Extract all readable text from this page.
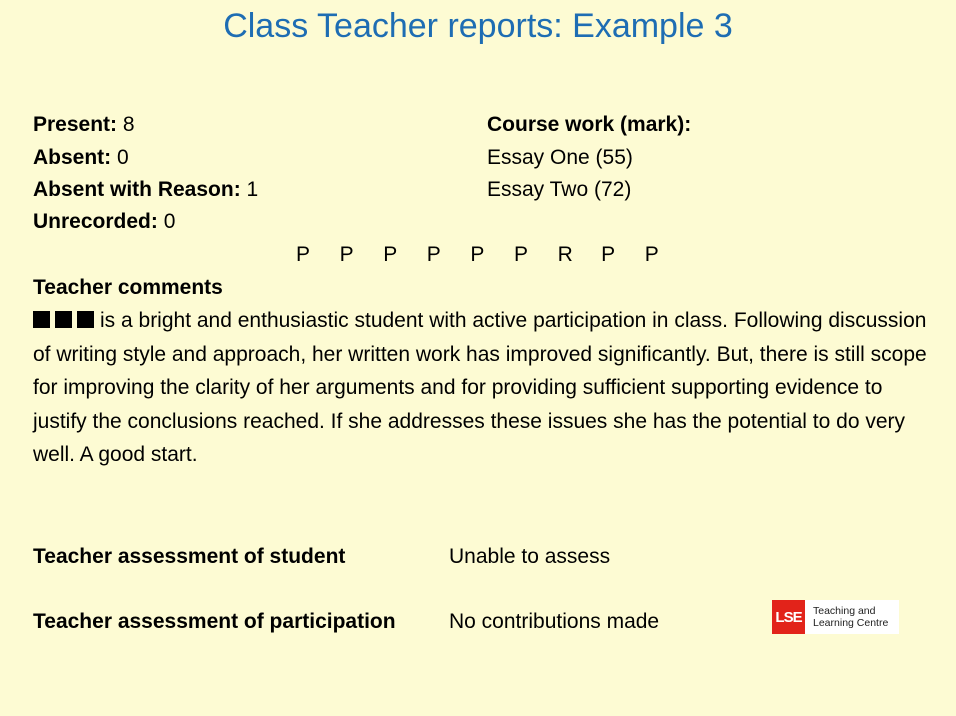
Class Teacher reports: Example 3
Present: 8
Absent: 0
Absent with Reason: 1
Unrecorded: 0
Course work (mark):
Essay One (55)
Essay Two (72)
P P P P P P R P P
Teacher comments
is a bright and enthusiastic student with active participation in class. Following discussion of writing style and approach, her written work has improved significantly. But, there is still scope for improving the clarity of her arguments and for providing sufficient supporting evidence to justify the conclusions reached. If she addresses these issues she has the potential to do very well. A good start.
Teacher assessment of student	Unable to assess
Teacher assessment of participation	No contributions made	LSE	Teaching and
Learning Centre
